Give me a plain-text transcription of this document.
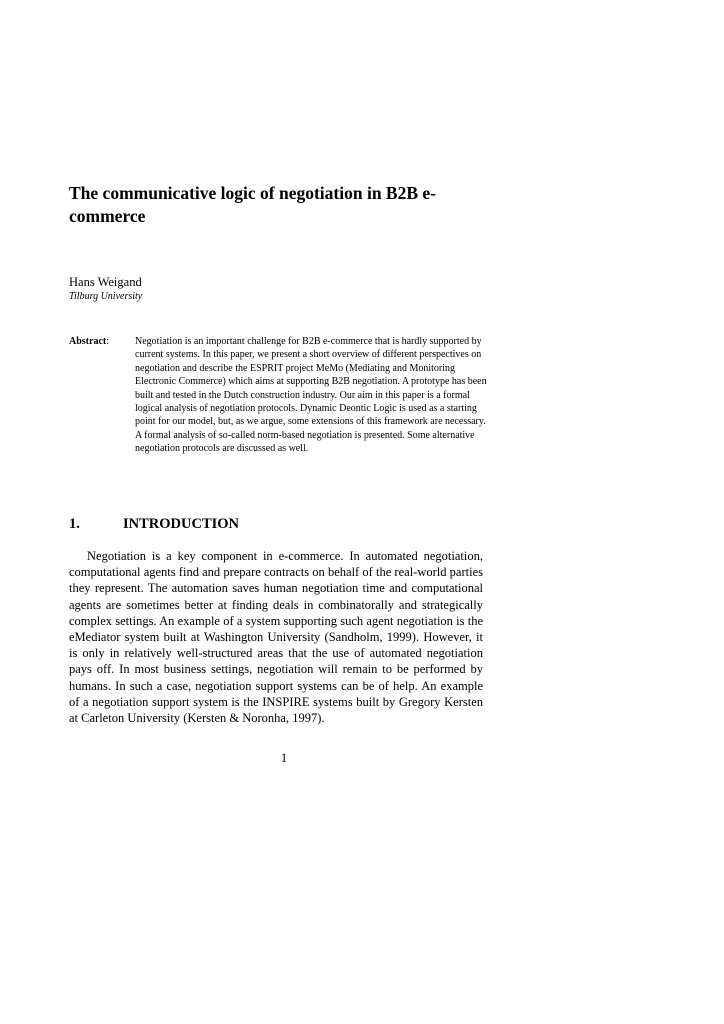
The communicative logic of negotiation in B2B e-commerce
Hans Weigand
Tilburg University
Abstract:	Negotiation is an important challenge for B2B e-commerce that is hardly supported by current systems. In this paper, we present a short overview of different perspectives on negotiation and describe the ESPRIT project MeMo (Mediating and Monitoring Electronic Commerce) which aims at supporting B2B negotiation. A prototype has been built and tested in the Dutch construction industry. Our aim in this paper is a formal logical analysis of negotiation protocols. Dynamic Deontic Logic is used as a starting point for our model, but, as we argue, some extensions of this framework are necessary. A formal analysis of so-called norm-based negotiation is presented. Some alternative negotiation protocols are discussed as well.

1.	INTRODUCTION

Negotiation is a key component in e-commerce. In automated negotiation, computational agents find and prepare contracts on behalf of the real-world parties they represent. The automation saves human negotiation time and computational agents are sometimes better at finding deals in combinatorally and strategically complex settings. An example of a system supporting such agent negotiation is the eMediator system built at Washington University (Sandholm, 1999). However, it is only in relatively well-structured areas that the use of automated negotiation pays off. In most business settings, negotiation will remain to be performed by humans. In such a case, negotiation support systems can be of help. An example of a negotiation support system is the INSPIRE systems built by Gregory Kersten at Carleton University (Kersten & Noronha, 1997).

1
